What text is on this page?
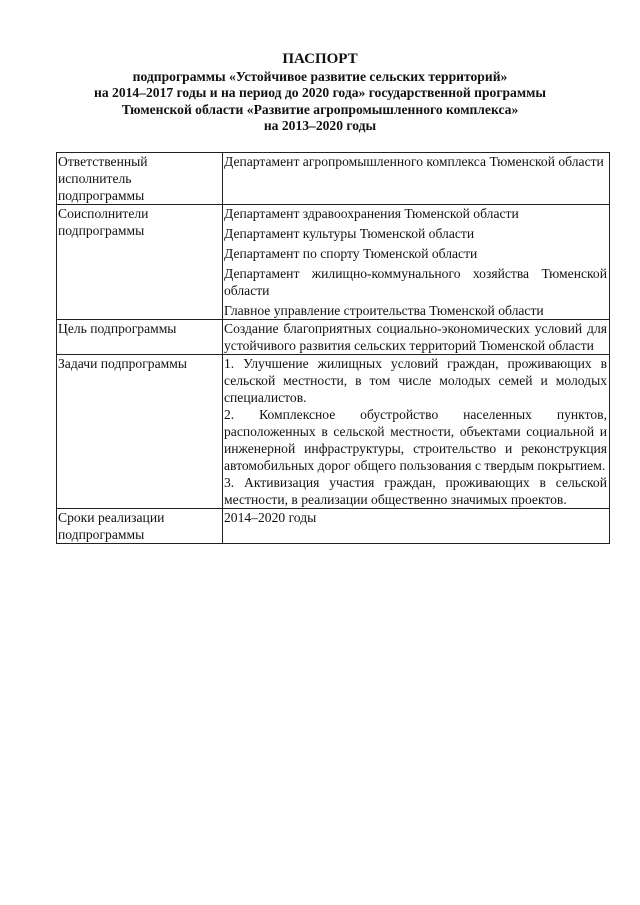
ПАСПОРТ
подпрограммы «Устойчивое развитие сельских территорий»
на 2014–2017 годы и на период до 2020 года» государственной программы
Тюменской области «Развитие агропромышленного комплекса»
на 2013–2020 годы
Ответственный исполнитель подпрограммы	Департамент агропромышленного комплекса Тюменской области

Соисполнители подпрограммы	Департамент здравоохранения Тюменской области
Департамент культуры Тюменской области
Департамент по спорту Тюменской области
Департамент жилищно-коммунального хозяйства Тюменской области
Главное управление строительства Тюменской области

Цель подпрограммы	Создание благоприятных социально-экономических условий для устойчивого развития сельских территорий Тюменской области

Задачи подпрограммы	1. Улучшение жилищных условий граждан, проживающих в сельской местности, в том числе молодых семей и молодых специалистов.
2. Комплексное обустройство населенных пунктов, расположенных в сельской местности, объектами социальной и инженерной инфраструктуры, строительство и реконструкция автомобильных дорог общего пользования с твердым покрытием.
3. Активизация участия граждан, проживающих в сельской местности, в реализации общественно значимых проектов.

Сроки реализации подпрограммы	2014–2020 годы
